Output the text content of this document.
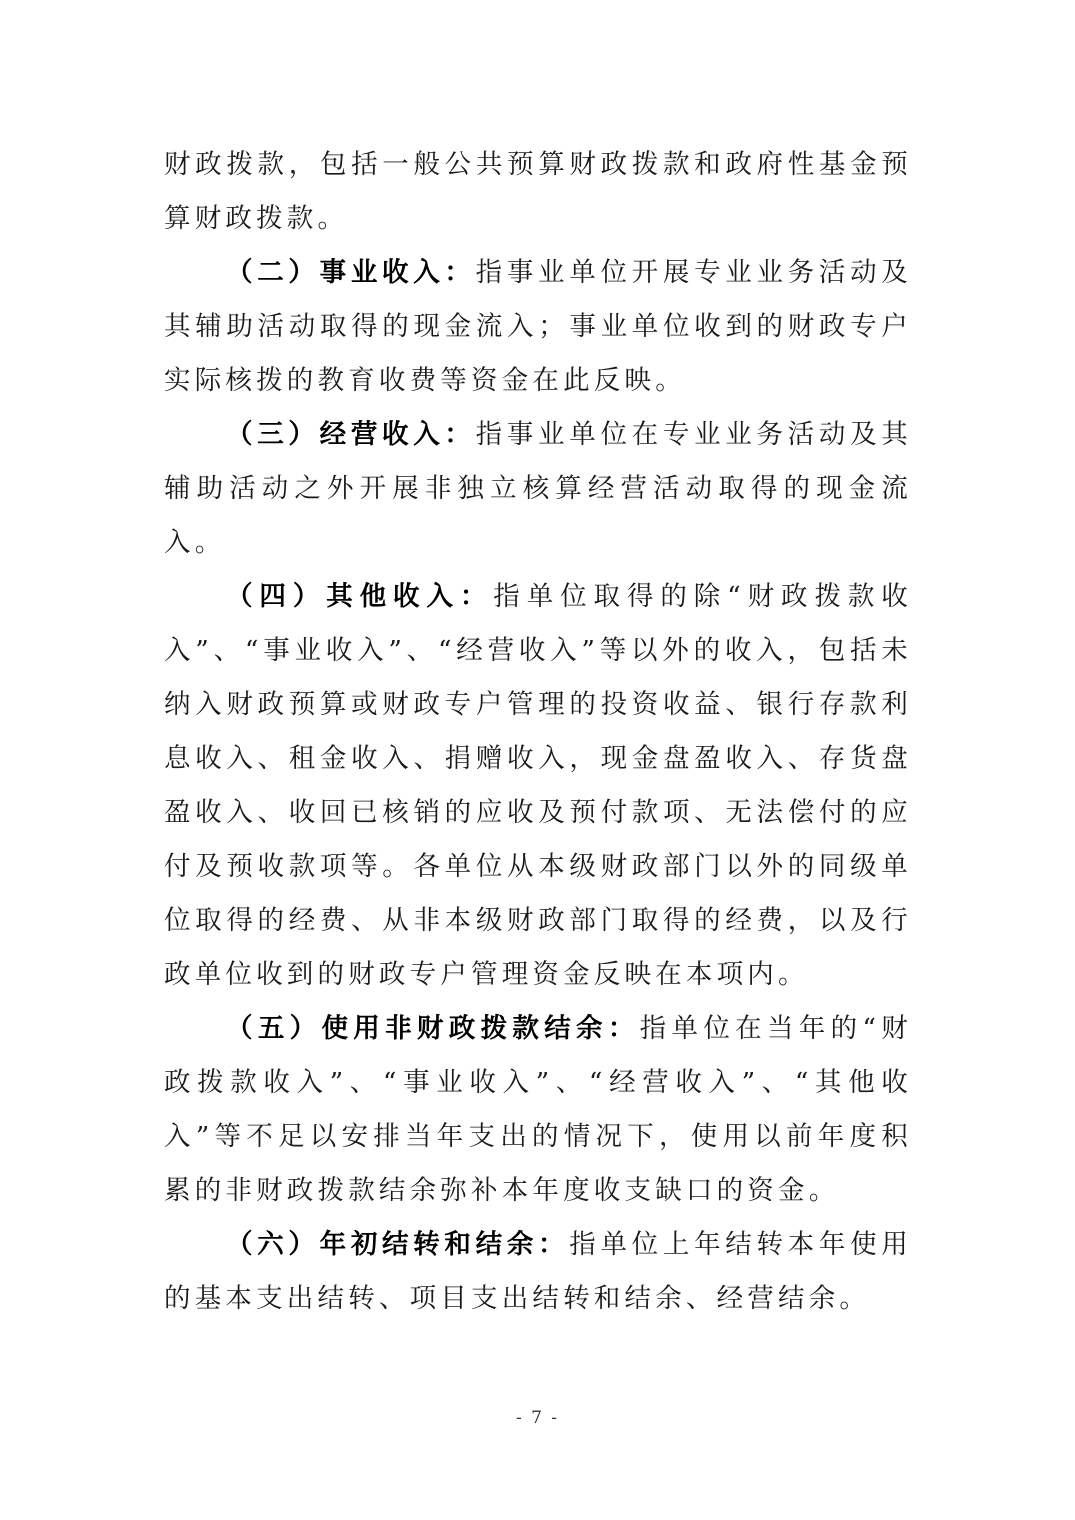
财政拨款，包括一般公共预算财政拨款和政府性基金预算财政拨款。

（二）事业收入：指事业单位开展专业业务活动及其辅助活动取得的现金流入；事业单位收到的财政专户实际核拨的教育收费等资金在此反映。

（三）经营收入：指事业单位在专业业务活动及其辅助活动之外开展非独立核算经营活动取得的现金流入。

（四）其他收入：指单位取得的除“财政拨款收入”、“事业收入”、“经营收入”等以外的收入，包括未纳入财政预算或财政专户管理的投资收益、银行存款利息收入、租金收入、捐赠收入，现金盘盈收入、存货盘盈收入、收回已核销的应收及预付款项、无法偿付的应付及预收款项等。各单位从本级财政部门以外的同级单位取得的经费、从非本级财政部门取得的经费，以及行政单位收到的财政专户管理资金反映在本项内。

（五）使用非财政拨款结余：指单位在当年的“财政拨款收入”、“事业收入”、“经营收入”、“其他收入”等不足以安排当年支出的情况下，使用以前年度积累的非财政拨款结余弥补本年度收支缺口的资金。

（六）年初结转和结余：指单位上年结转本年使用的基本支出结转、项目支出结转和结余、经营结余。

- 7 -
